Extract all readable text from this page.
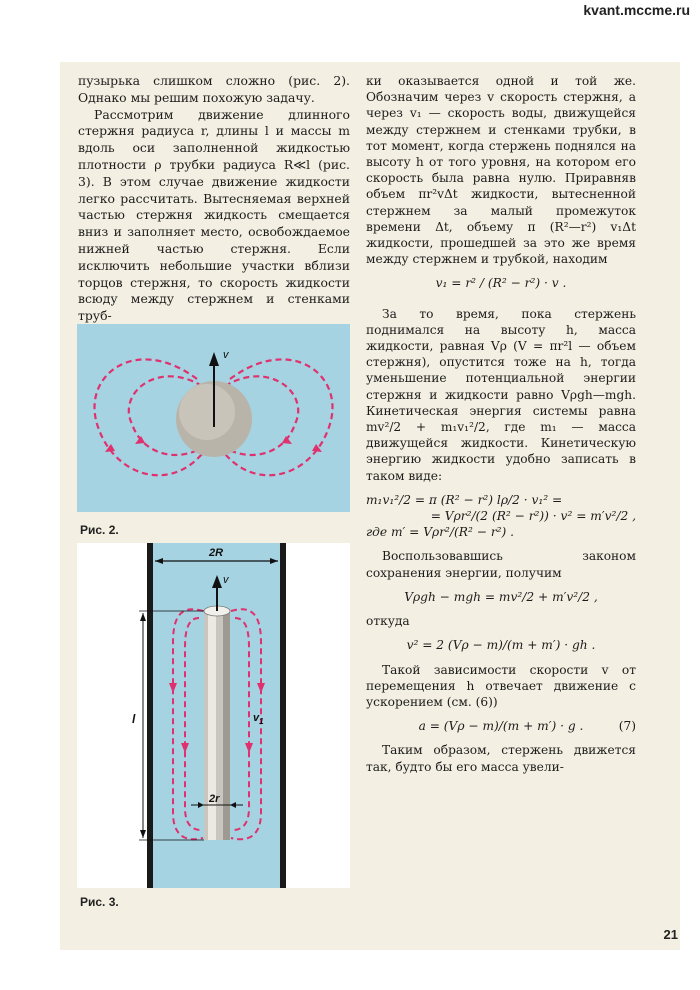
kvant.mccme.ru

пузырька слишком сложно (рис. 2). Однако мы решим похожую задачу.

Рассмотрим движение длинного стержня радиуса r, длины l и массы m вдоль оси заполненной жидкостью плотности ρ трубки радиуса R≪l (рис. 3). В этом случае движение жидкости легко рассчитать. Вытесняемая верхней частью стержня жидкость смещается вниз и заполняет место, освобождаемое нижней частью стержня. Если исключить небольшие участки вблизи торцов стержня, то скорость жидкости всюду между стержнем и стенками труб-

v
Рис. 2.
2R
v
l
2r
$v_1$
Рис. 3.

ки оказывается одной и той же. Обозначим через v скорость стержня, а через v₁ — скорость воды, движущейся между стержнем и стенками трубки, в тот момент, когда стержень поднялся на высоту h от того уровня, на котором его скорость была равна нулю. Приравняв объем πr²vΔt жидкости, вытесненной стержнем за малый промежуток времени Δt, объему π (R²—r²) v₁Δt жидкости, прошедшей за это же время между стержнем и трубкой, находим

v₁ = r² / (R² − r²) · v .

За то время, пока стержень поднимался на высоту h, масса жидкости, равная Vρ (V = πr²l — объем стержня), опустится тоже на h, тогда уменьшение потенциальной энергии стержня и жидкости равно Vρgh—mgh. Кинетическая энергия системы равна mv²/2 + m₁v₁²/2, где m₁ — масса движущейся жидкости. Кинетическую энергию жидкости удобно записать в таком виде:

m₁v₁²/2 = π (R² − r²) lρ/2 · v₁² =

= Vρr²/(2 (R² − r²)) · v² = m′v²/2 ,

где m′ = Vρr²/(R² − r²) .

Воспользовавшись законом сохранения энергии, получим

Vρgh − mgh = mv²/2 + m′v²/2 ,

откуда

v² = 2 (Vρ − m)/(m + m′) · gh .

Такой зависимости скорости v от перемещения h отвечает движение с ускорением (см. (6))

a = (Vρ − m)/(m + m′) · g .	(7)

Таким образом, стержень движется так, будто бы его масса увели-

21
